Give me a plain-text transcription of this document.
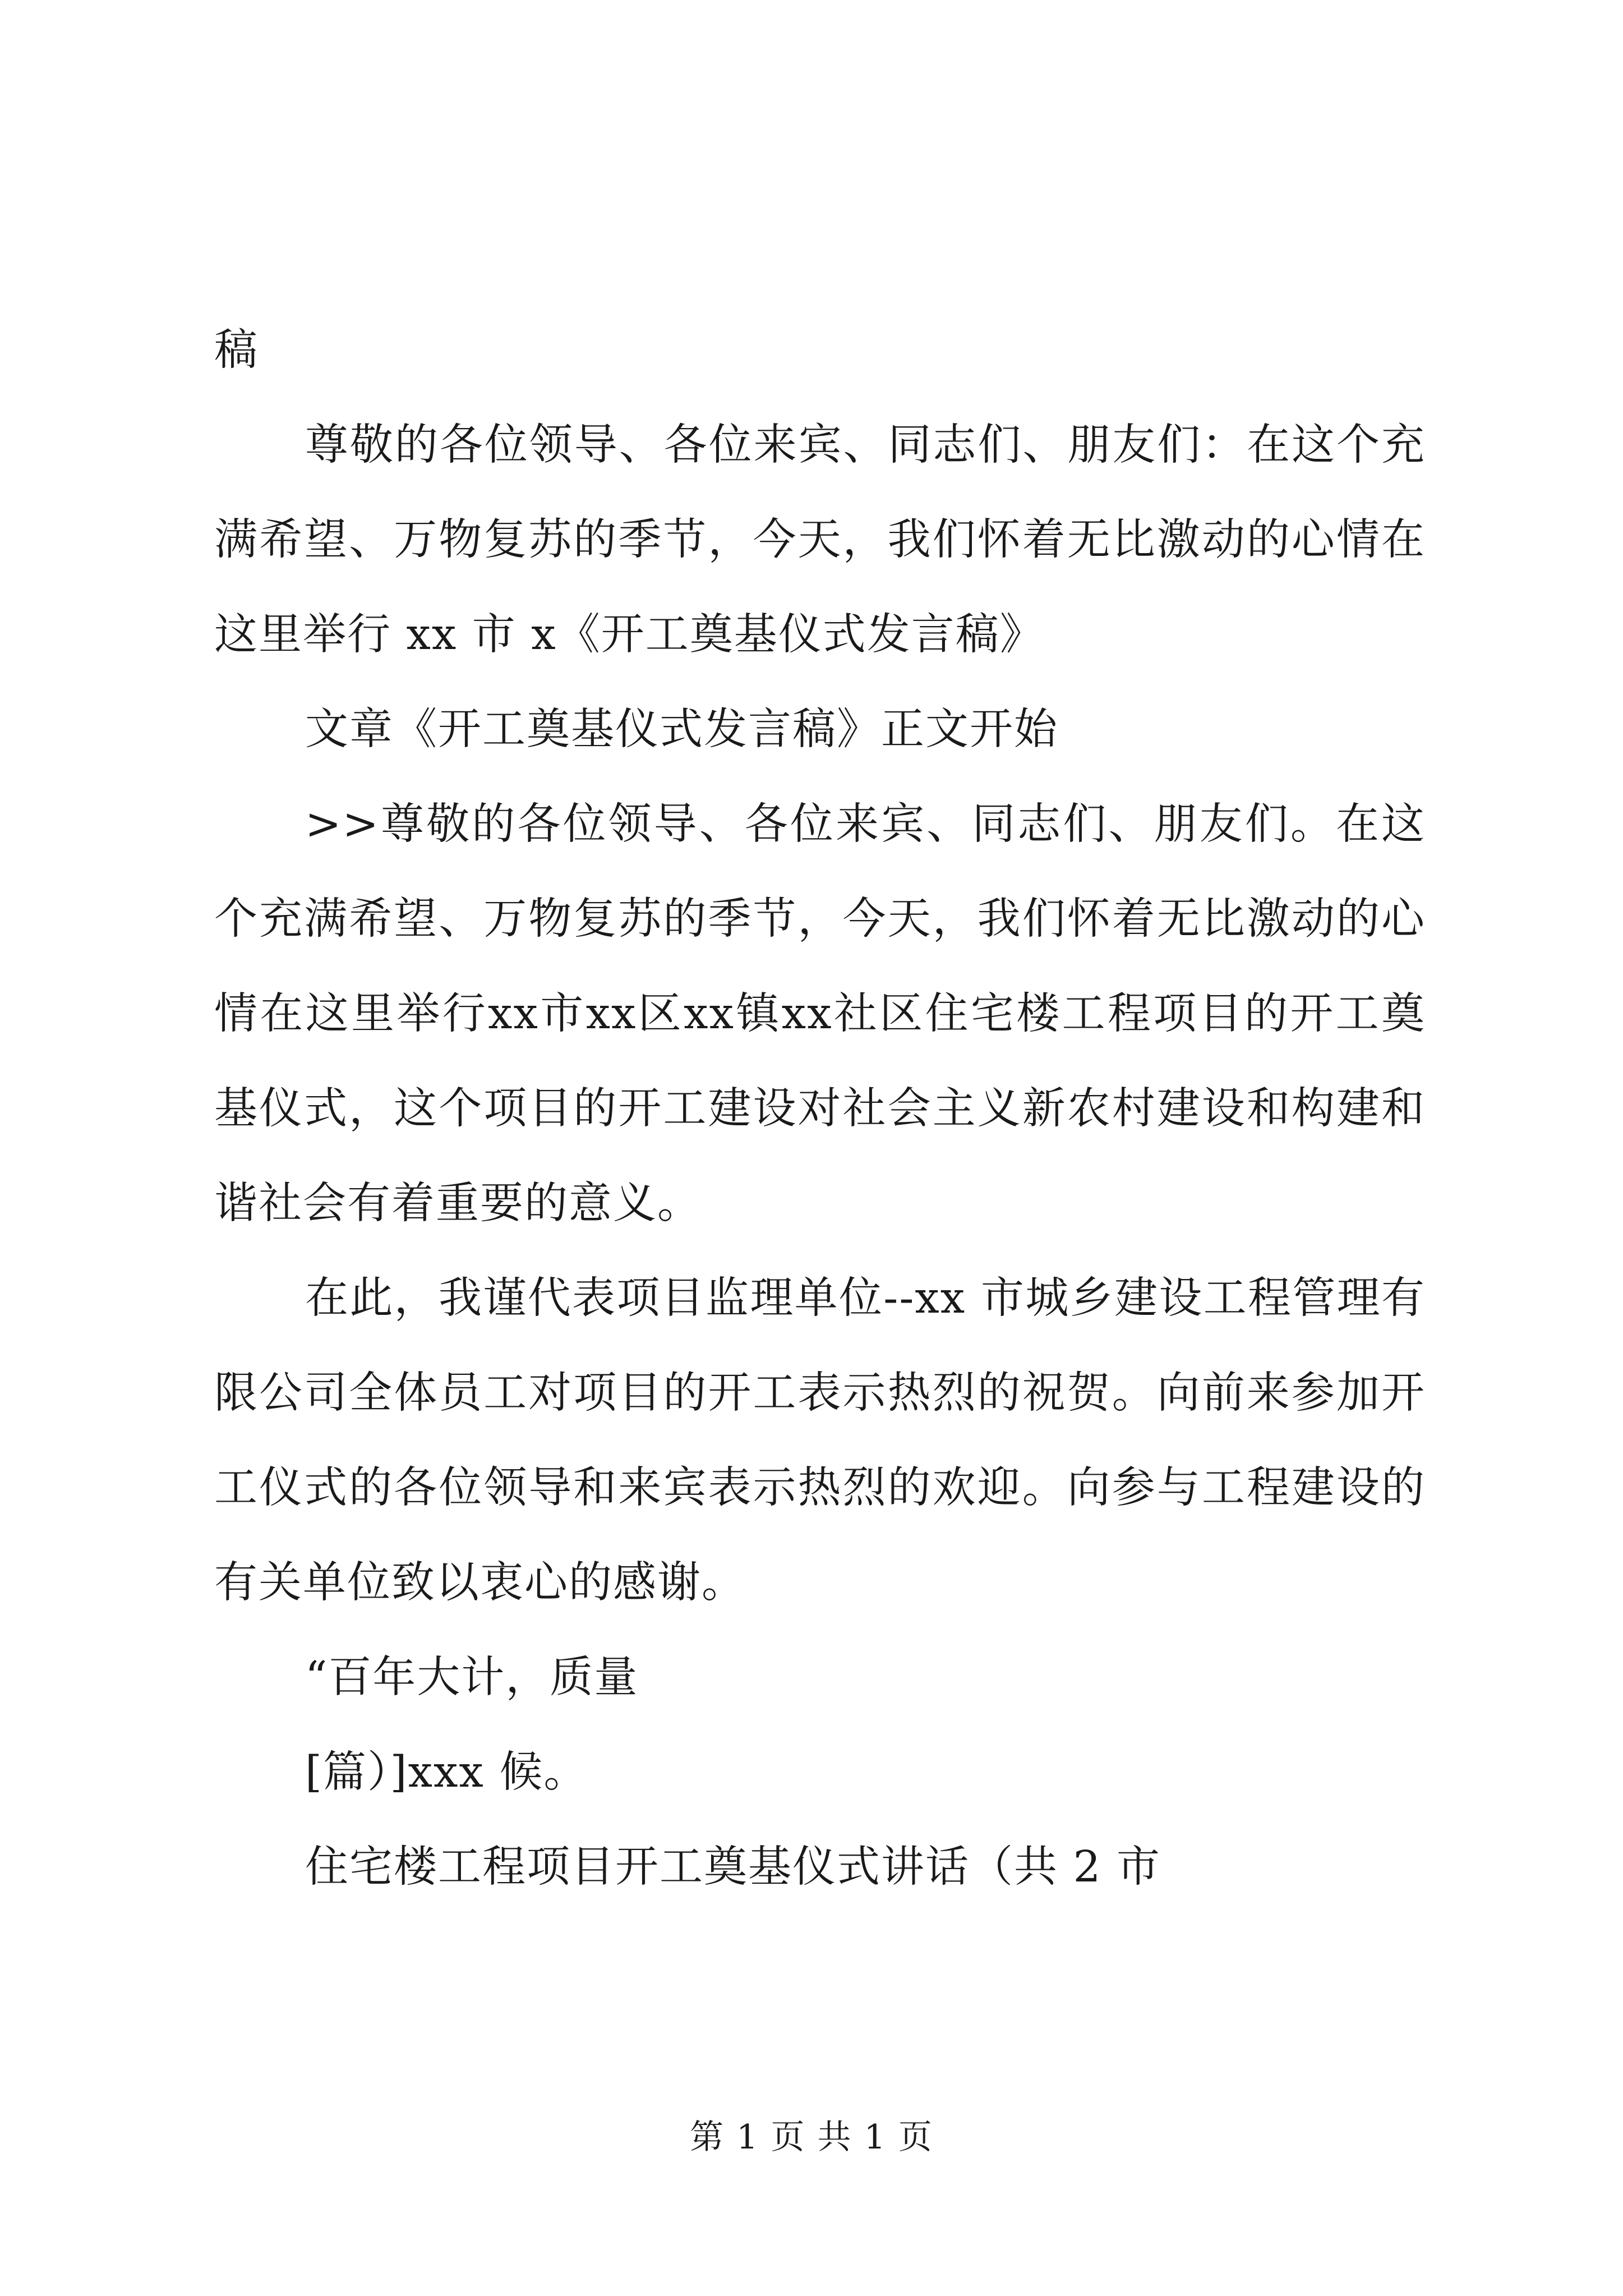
稿

尊敬的各位领导、各位来宾、同志们、朋友们：在这个充满希望、万物复苏的季节，今天，我们怀着无比激动的心情在这里举行 xx 市 x《开工奠基仪式发言稿》

文章《开工奠基仪式发言稿》正文开始

>>尊敬的各位领导、各位来宾、同志们、朋友们。在这个充满希望、万物复苏的季节，今天，我们怀着无比激动的心情在这里举行xx市xx区xx镇xx社区住宅楼工程项目的开工奠基仪式，这个项目的开工建设对社会主义新农村建设和构建和谐社会有着重要的意义。

在此，我谨代表项目监理单位--xx 市城乡建设工程管理有限公司全体员工对项目的开工表示热烈的祝贺。向前来参加开工仪式的各位领导和来宾表示热烈的欢迎。向参与工程建设的有关单位致以衷心的感谢。

“百年大计，质量

[篇）]xxx 候。

住宅楼工程项目开工奠基仪式讲话（共 2 市

第 1 页 共 1 页
